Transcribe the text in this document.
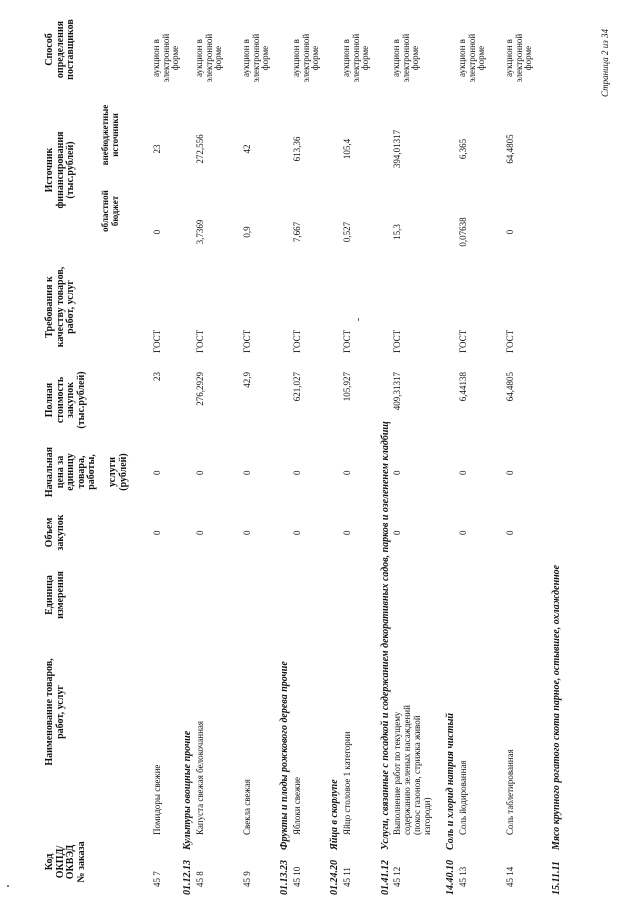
Код
ОКПД/
ОКВЭД
№ заказа
Наименование товаров,
работ, услуг
Единица
измерения
Объем
закупок
Начальная
цена за
единицу
товара,
работы,

услуги
(рублей)
Полная
стоимость
закупок
(тыс.рублей)
Требования к
качеству товаров,
работ, услуг
Источник
финансирования
(тыс.рублей)
областной
бюджет
внебюджетные
источники
Способ
определения
поставщиков
45 7
Помидоры свежие
0
0
23
ГОСТ
0
23
аукцион в
электронной
форме
01.12.13
Культуры овощные прочие
45 8
Капуста свежая белокочанная
0
0
276,2929
ГОСТ
3,7369
272,556
аукцион в
электронной
форме
45 9
Свекла свежая
0
0
42,9
ГОСТ
0,9
42
аукцион в
электронной
форме
01.13.23
Фрукты и плоды рожкового дерева прочие
45 10
Яблоки свежие
0
0
621,027
ГОСТ
7,667
613,36
аукцион в
электронной
форме
01.24.20
Яйца в скорлупе
45 11
Яйцо столовое 1 категории
0
0
105,927
ГОСТ
0,527
105,4
аукцион в
электронной
форме
01.41.12
Услуги, связанные с посадкой и содержанием декоративных садов, парков и озелененем кладбищ
45 12
Выполнение работ по текущему
содержанию зеленых насаждений
(покос газонов, стрижка живой
изгороди)
0
0
409,31317
ГОСТ
15,3
394,01317
аукцион в
электронной
форме
14.40.10
Соль и хлорид натрия чистый
45 13
Соль йодированная
0
0
6,44138
ГОСТ
0,07638
6,365
аукцион в
электронной
форме
45 14
Соль таблетированная
0
0
64,4805
ГОСТ
0
64,4805
аукцион в
электронной
форме
15.11.11
Мясо крупного рогатого скота парное, остывшее, охлажденное
Страница 2 из 34
